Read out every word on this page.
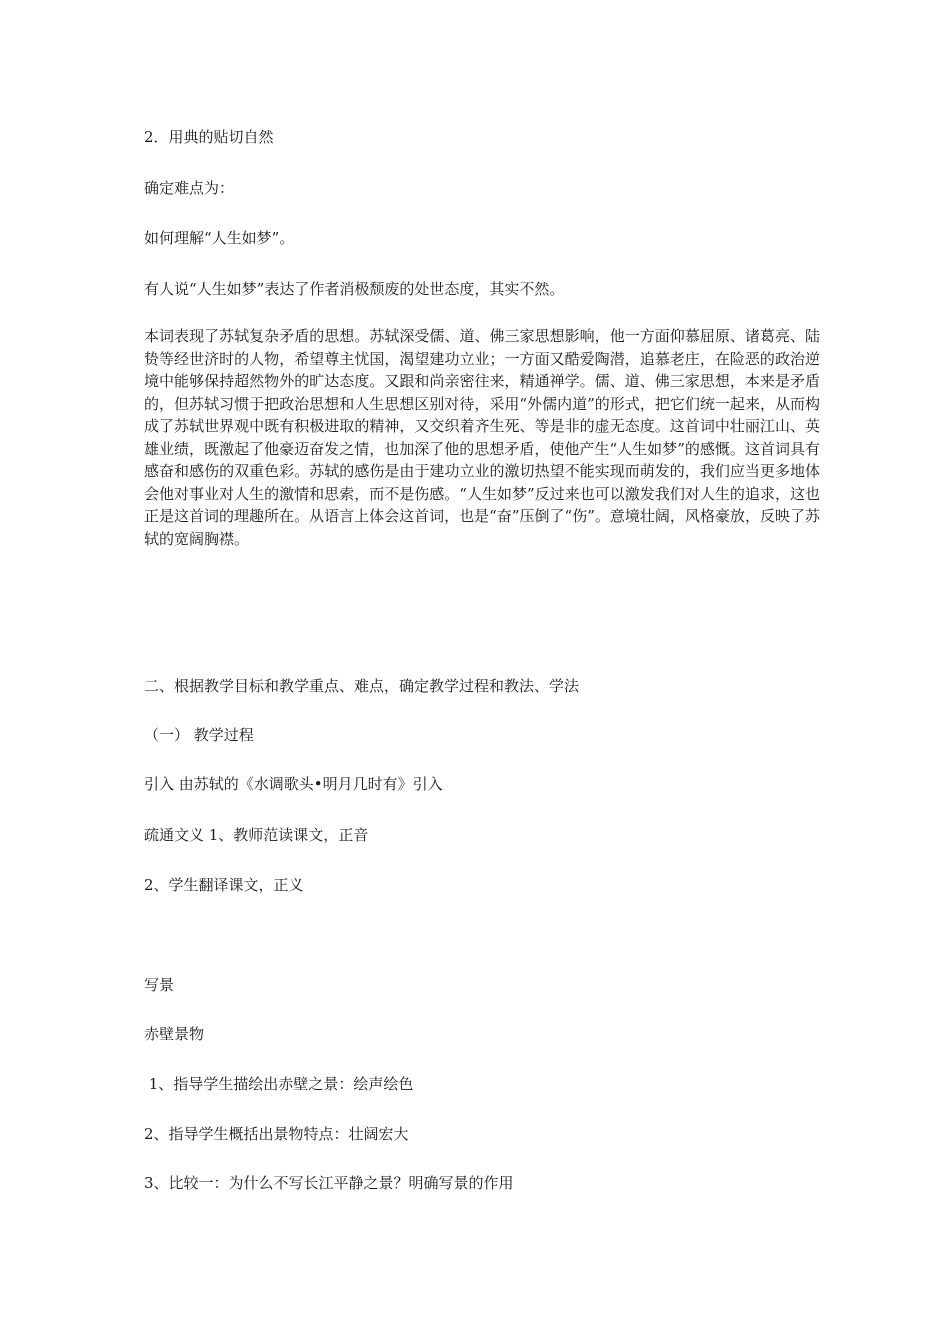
2．用典的贴切自然
确定难点为：
如何理解“人生如梦”。
有人说“人生如梦”表达了作者消极颓废的处世态度，其实不然。
本词表现了苏轼复杂矛盾的思想。苏轼深受儒、道、佛三家思想影响，他一方面仰慕屈原、诸葛亮、陆贽等经世济时的人物，希望尊主忧国，渴望建功立业；一方面又酷爱陶潜，追慕老庄，在险恶的政治逆境中能够保持超然物外的旷达态度。又跟和尚亲密往来，精通禅学。儒、道、佛三家思想，本来是矛盾的，但苏轼习惯于把政治思想和人生思想区别对待，采用“外儒内道”的形式，把它们统一起来，从而构成了苏轼世界观中既有积极进取的精神，又交织着齐生死、等是非的虚无态度。这首词中壮丽江山、英雄业绩，既激起了他豪迈奋发之情，也加深了他的思想矛盾，使他产生“人生如梦”的感慨。这首词具有感奋和感伤的双重色彩。苏轼的感伤是由于建功立业的激切热望不能实现而萌发的，我们应当更多地体会他对事业对人生的激情和思索，而不是伤感。“人生如梦”反过来也可以激发我们对人生的追求，这也正是这首词的理趣所在。从语言上体会这首词，也是“奋”压倒了“伤”。意境壮阔，风格豪放，反映了苏轼的宽阔胸襟。
二、根据教学目标和教学重点、难点，确定教学过程和教法、学法
（一） 教学过程
引入 由苏轼的《水调歌头•明月几时有》引入
疏通文义 1、教师范读课文，正音
2、学生翻译课文，正义
写景
赤壁景物
1、指导学生描绘出赤壁之景：绘声绘色
2、指导学生概括出景物特点：壮阔宏大
3、比较一：为什么不写长江平静之景？明确写景的作用
